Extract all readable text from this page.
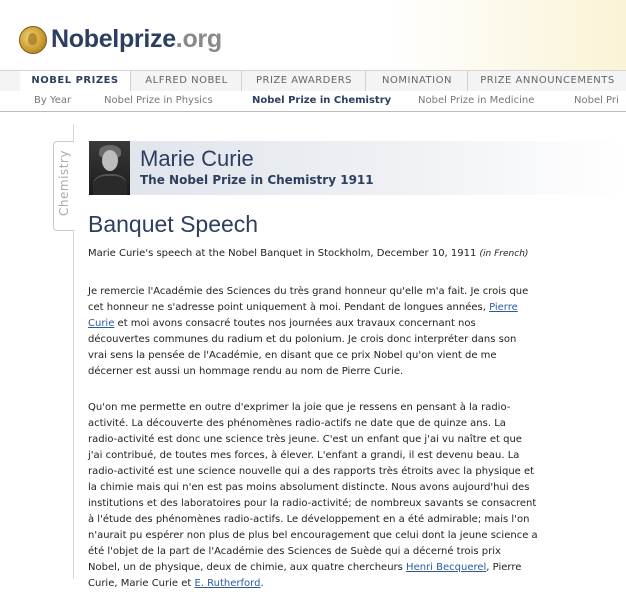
Nobelprize.org
NOBEL PRIZES	ALFRED NOBEL	PRIZE AWARDERS	NOMINATION	PRIZE ANNOUNCEMENTS
By Year	Nobel Prize in Physics	Nobel Prize in Chemistry	Nobel Prize in Medicine	Nobel Pri
Chemistry	Marie Curie
The Nobel Prize in Chemistry 1911
Banquet Speech
Marie Curie's speech at the Nobel Banquet in Stockholm, December 10, 1911 (in French)
Je remercie l'Académie des Sciences du très grand honneur qu'elle m'a fait. Je crois que
cet honneur ne s'adresse point uniquement à moi. Pendant de longues années, Pierre
Curie et moi avons consacré toutes nos journées aux travaux concernant nos
découvertes communes du radium et du polonium. Je crois donc interpréter dans son
vrai sens la pensée de l'Académie, en disant que ce prix Nobel qu'on vient de me
décerner est aussi un hommage rendu au nom de Pierre Curie.
Qu'on me permette en outre d'exprimer la joie que je ressens en pensant à la radio-
activité. La découverte des phénomènes radio-actifs ne date que de quinze ans. La
radio-activité est donc une science très jeune. C'est un enfant que j'ai vu naître et que
j'ai contribué, de toutes mes forces, à élever. L'enfant a grandi, il est devenu beau. La
radio-activité est une science nouvelle qui a des rapports très étroits avec la physique et
la chimie mais qui n'en est pas moins absolument distincte. Nous avons aujourd'hui des
institutions et des laboratoires pour la radio-activité; de nombreux savants se consacrent
à l'étude des phénomènes radio-actifs. Le développement en a été admirable; mais l'on
n'aurait pu espérer non plus de plus bel encouragement que celui dont la jeune science a
été l'objet de la part de l'Académie des Sciences de Suède qui a décerné trois prix
Nobel, un de physique, deux de chimie, aux quatre chercheurs Henri Becquerel, Pierre
Curie, Marie Curie et E. Rutherford.
